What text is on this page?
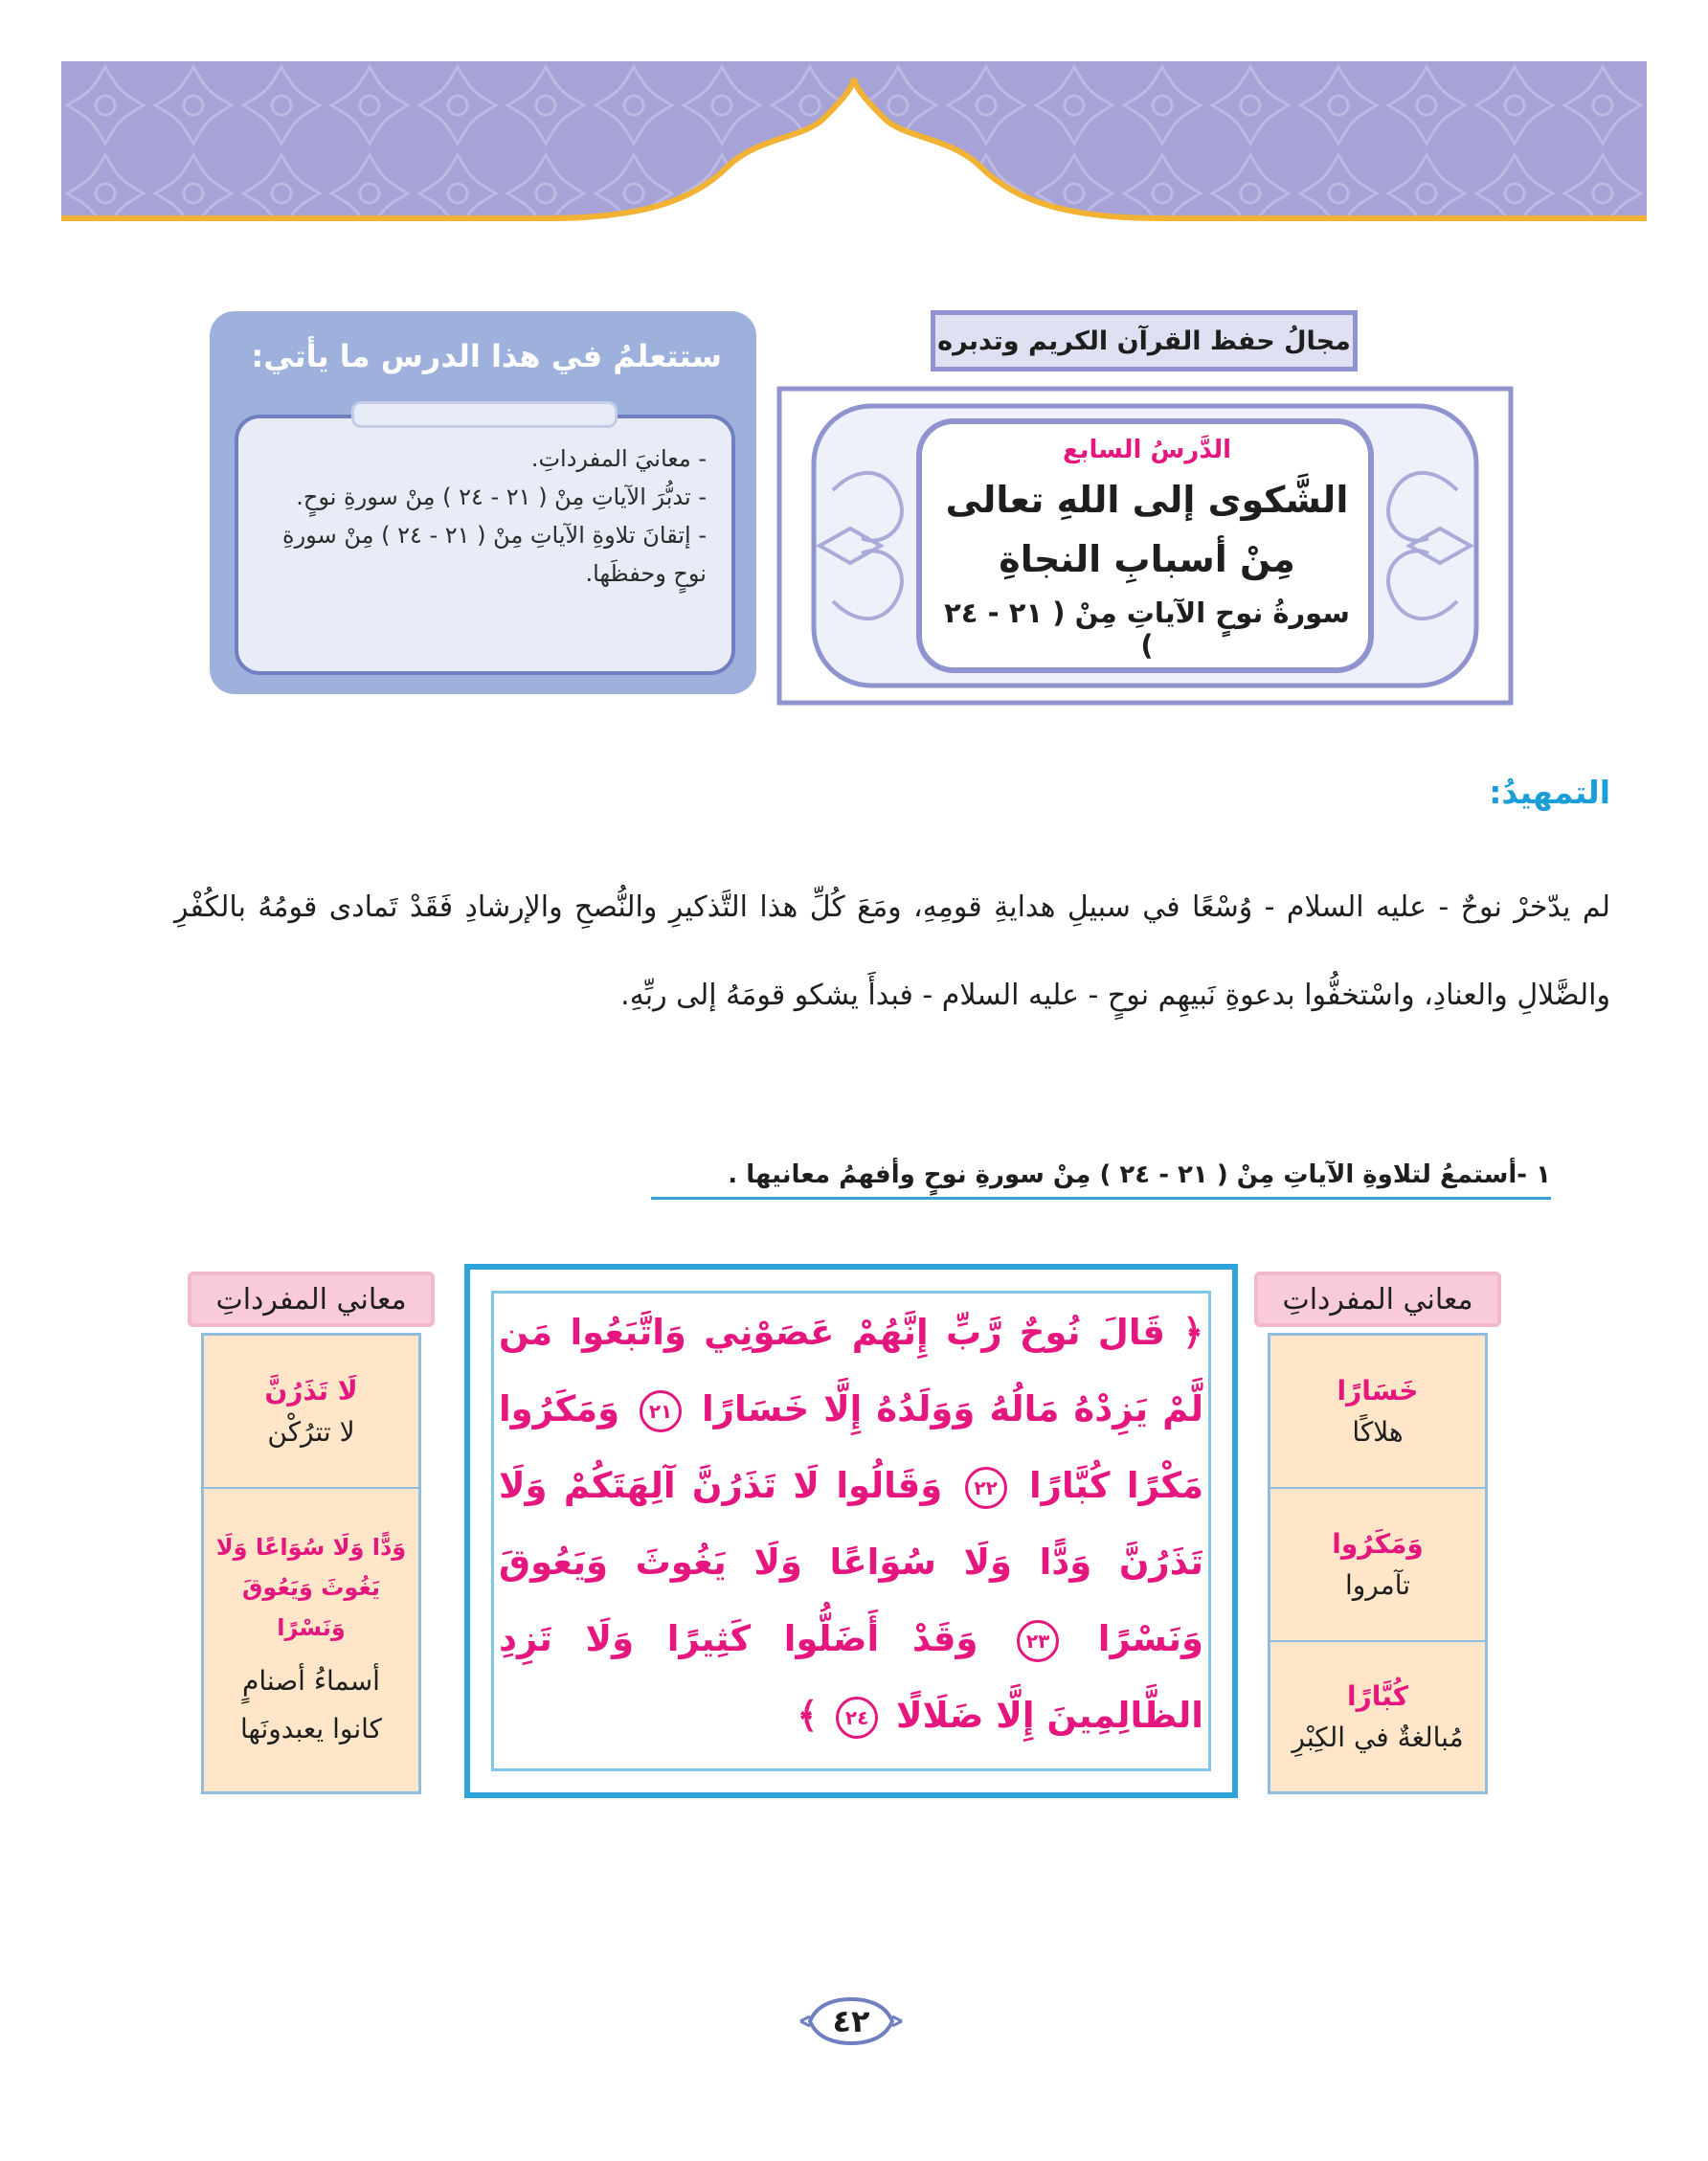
مجالُ حفظ القرآن الكريم وتدبره
الدَّرسُ السابع
الشَّكوى إلى اللهِ تعالى
مِنْ أسبابِ النجاةِ
سورةُ نوحٍ الآياتِ مِنْ ( ٢١ - ٢٤ )
ستتعلمُ في هذا الدرس ما يأتي:
- معانيَ المفرداتِ.
- تدبُّرَ الآياتِ مِنْ ( ٢١ - ٢٤ ) مِنْ سورةِ نوحٍ.
- إتقانَ تلاوةِ الآياتِ مِنْ ( ٢١ - ٢٤ ) مِنْ سورةِ نوحٍ وحفظَها.
التمهيدُ:

لم يدّخرْ نوحٌ - عليه السلام - وُسْعًا في سبيلِ هدايةِ قومِهِ، ومَعَ كُلِّ هذا التَّذكيرِ والنُّصحِ والإرشادِ فَقَدْ تَمادى قومُهُ بالكُفْرِ والضَّلالِ والعنادِ، واسْتخفُّوا بدعوةِ نَبيهِم نوحٍ - عليه السلام - فبدأَ يشكو قومَهُ إلى ربِّهِ.

١ -أستمعُ لتلاوةِ الآياتِ مِنْ ( ٢١ - ٢٤ ) مِنْ سورةِ نوحٍ وأفهمُ معانيها .
معاني المفرداتِ
خَسَارًا
هلاكًا
وَمَكَرُوا
تآمروا
كُبَّارًا
مُبالغةٌ في الكِبْرِ

﴿ قَالَ نُوحٌ رَّبِّ إِنَّهُمْ عَصَوْنِي وَاتَّبَعُوا مَن لَّمْ يَزِدْهُ مَالُهُ وَوَلَدُهُ إِلَّا خَسَارًا ٢١ وَمَكَرُوا مَكْرًا كُبَّارًا ٢٢ وَقَالُوا لَا تَذَرُنَّ آلِهَتَكُمْ وَلَا تَذَرُنَّ وَدًّا وَلَا سُوَاعًا وَلَا يَغُوثَ وَيَعُوقَ وَنَسْرًا ٢٣ وَقَدْ أَضَلُّوا كَثِيرًا وَلَا تَزِدِ الظَّالِمِينَ إِلَّا ضَلَالًا ٢٤ ﴾

معاني المفرداتِ
لَا تَذَرُنَّ
لا تترُكْن
وَدًّا وَلَا سُوَاعًا وَلَا يَغُوثَ وَيَعُوقَ وَنَسْرًا
أسماءُ أصنامٍ كانوا يعبدونَها
٤٢
